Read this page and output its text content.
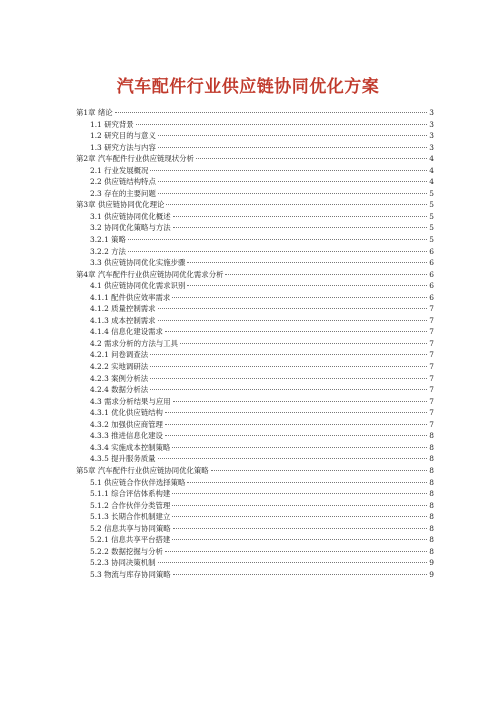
汽车配件行业供应链协同优化方案
第1章 绪论	3
1.1 研究背景	3
1.2 研究目的与意义	3
1.3 研究方法与内容	3
第2章 汽车配件行业供应链现状分析	4
2.1 行业发展概况	4
2.2 供应链结构特点	4
2.3 存在的主要问题	5
第3章 供应链协同优化理论	5
3.1 供应链协同优化概述	5
3.2 协同优化策略与方法	5
3.2.1 策略	5
3.2.2 方法	6
3.3 供应链协同优化实施步骤	6
第4章 汽车配件行业供应链协同优化需求分析	6
4.1 供应链协同优化需求识别	6
4.1.1 配件供应效率需求	6
4.1.2 质量控制需求	7
4.1.3 成本控制需求	7
4.1.4 信息化建设需求	7
4.2 需求分析的方法与工具	7
4.2.1 问卷调查法	7
4.2.2 实地调研法	7
4.2.3 案例分析法	7
4.2.4 数据分析法	7
4.3 需求分析结果与应用	7
4.3.1 优化供应链结构	7
4.3.2 加强供应商管理	7
4.3.3 推进信息化建设	8
4.3.4 实施成本控制策略	8
4.3.5 提升服务质量	8
第5章 汽车配件行业供应链协同优化策略	8
5.1 供应链合作伙伴选择策略	8
5.1.1 综合评估体系构建	8
5.1.2 合作伙伴分类管理	8
5.1.3 长期合作机制建立	8
5.2 信息共享与协同策略	8
5.2.1 信息共享平台搭建	8
5.2.2 数据挖掘与分析	8
5.2.3 协同决策机制	9
5.3 物流与库存协同策略	9
